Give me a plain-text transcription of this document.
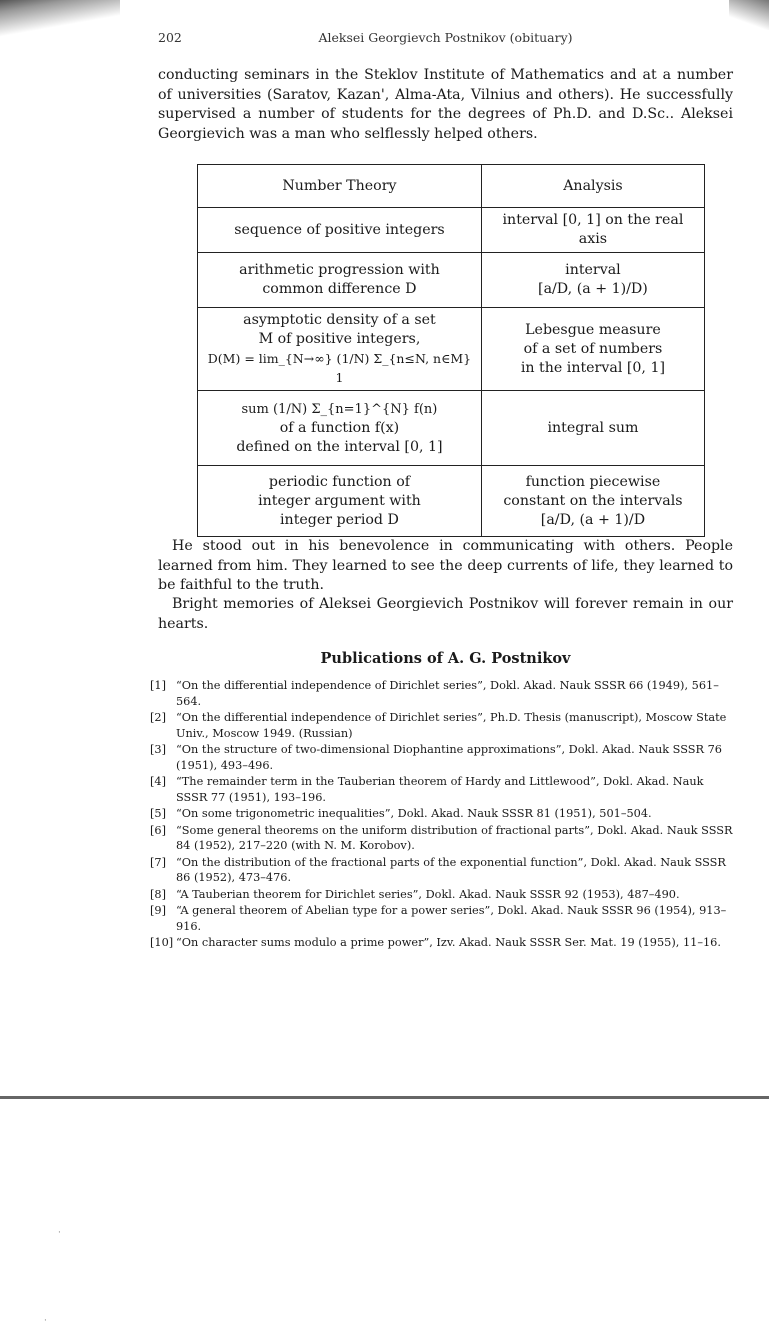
202	Aleksei Georgievch Postnikov (obituary)

conducting seminars in the Steklov Institute of Mathematics and at a number of universities (Saratov, Kazan', Alma-Ata, Vilnius and others). He successfully supervised a number of students for the degrees of Ph.D. and D.Sc.. Aleksei Georgievich was a man who selflessly helped others.

Number Theory	Analysis

sequence of positive integers	interval [0, 1] on the real axis

arithmetic progression with
common difference D	interval
[a/D, (a + 1)/D)

asymptotic density of a set
M of positive integers,
D(M) = lim_{N→∞} (1/N) Σ_{n≤N, n∈M} 1	Lebesgue measure
of a set of numbers
in the interval [0, 1]

sum (1/N) Σ_{n=1}^{N} f(n)
of a function f(x)
defined on the interval [0, 1]	integral sum

periodic function of
integer argument with
integer period D	function piecewise
constant on the intervals
[a/D, (a + 1)/D

He stood out in his benevolence in communicating with others. People learned from him. They learned to see the deep currents of life, they learned to be faithful to the truth.

Bright memories of Aleksei Georgievich Postnikov will forever remain in our hearts.

Publications of A. G. Postnikov
[1] “On the differential independence of Dirichlet series”, Dokl. Akad. Nauk SSSR 66 (1949), 561–564.
[2] “On the differential independence of Dirichlet series”, Ph.D. Thesis (manuscript), Moscow State Univ., Moscow 1949. (Russian)
[3] “On the structure of two-dimensional Diophantine approximations”, Dokl. Akad. Nauk SSSR 76 (1951), 493–496.
[4] “The remainder term in the Tauberian theorem of Hardy and Littlewood”, Dokl. Akad. Nauk SSSR 77 (1951), 193–196.
[5] “On some trigonometric inequalities”, Dokl. Akad. Nauk SSSR 81 (1951), 501–504.
[6] “Some general theorems on the uniform distribution of fractional parts”, Dokl. Akad. Nauk SSSR 84 (1952), 217–220 (with N. M. Korobov).
[7] “On the distribution of the fractional parts of the exponential function”, Dokl. Akad. Nauk SSSR 86 (1952), 473–476.
[8] “A Tauberian theorem for Dirichlet series”, Dokl. Akad. Nauk SSSR 92 (1953), 487–490.
[9] “A general theorem of Abelian type for a power series”, Dokl. Akad. Nauk SSSR 96 (1954), 913–916.
[10] “On character sums modulo a prime power”, Izv. Akad. Nauk SSSR Ser. Mat. 19 (1955), 11–16.
·
·
